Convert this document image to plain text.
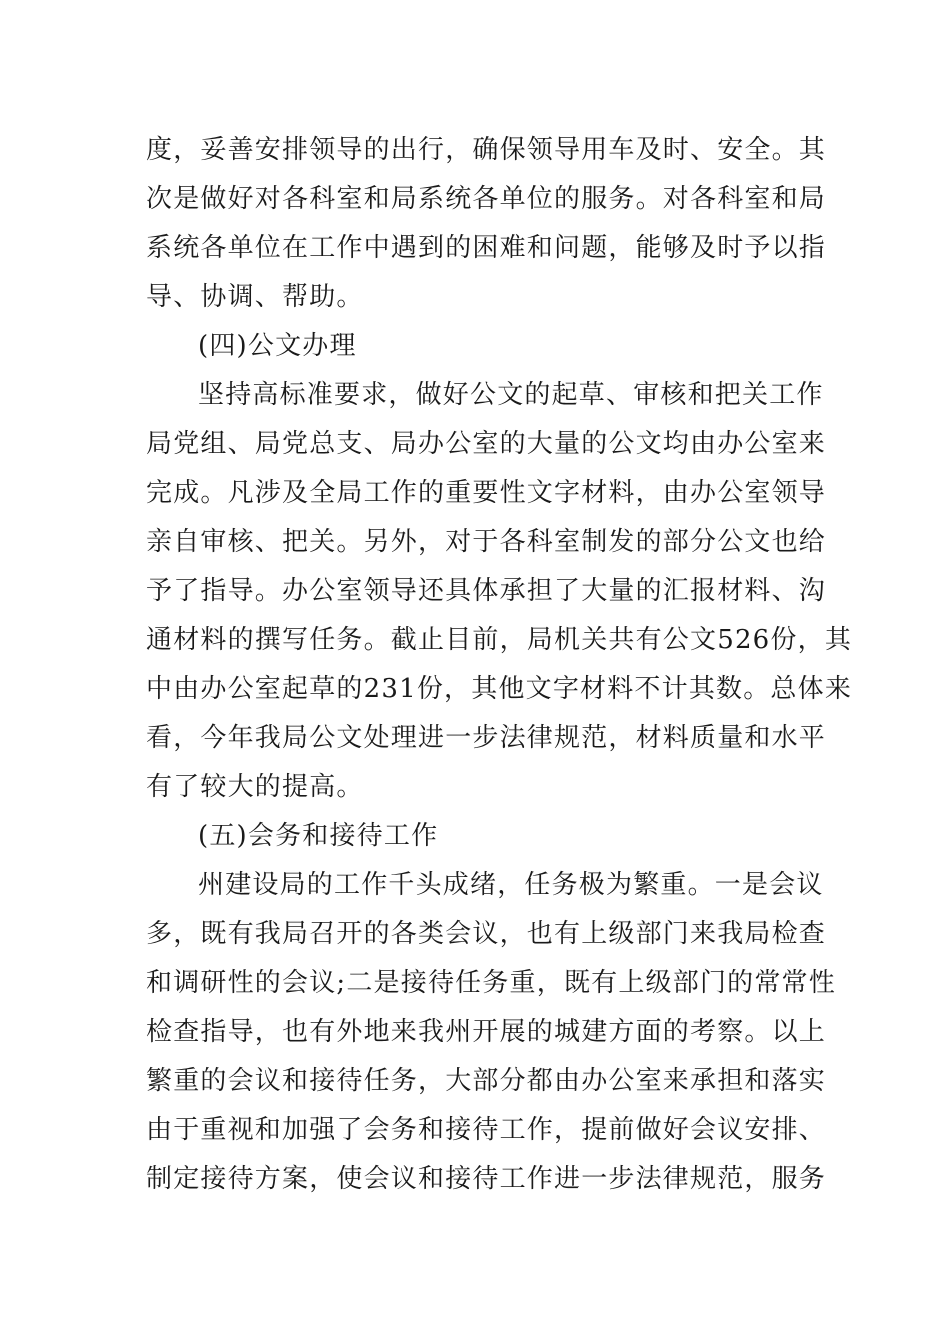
度，妥善安排领导的出行，确保领导用车及时、安全。其
次是做好对各科室和局系统各单位的服务。对各科室和局
系统各单位在工作中遇到的困难和问题，能够及时予以指
导、协调、帮助。
(四)公文办理
坚持高标准要求，做好公文的起草、审核和把关工作
局党组、局党总支、局办公室的大量的公文均由办公室来
完成。凡涉及全局工作的重要性文字材料，由办公室领导
亲自审核、把关。另外，对于各科室制发的部分公文也给
予了指导。办公室领导还具体承担了大量的汇报材料、沟
通材料的撰写任务。截止目前，局机关共有公文526份，其
中由办公室起草的231份，其他文字材料不计其数。总体来
看，今年我局公文处理进一步法律规范，材料质量和水平
有了较大的提高。
(五)会务和接待工作
州建设局的工作千头成绪，任务极为繁重。一是会议
多，既有我局召开的各类会议，也有上级部门来我局检查
和调研性的会议;二是接待任务重，既有上级部门的常常性
检查指导，也有外地来我州开展的城建方面的考察。以上
繁重的会议和接待任务，大部分都由办公室来承担和落实
由于重视和加强了会务和接待工作，提前做好会议安排、
制定接待方案，使会议和接待工作进一步法律规范，服务
